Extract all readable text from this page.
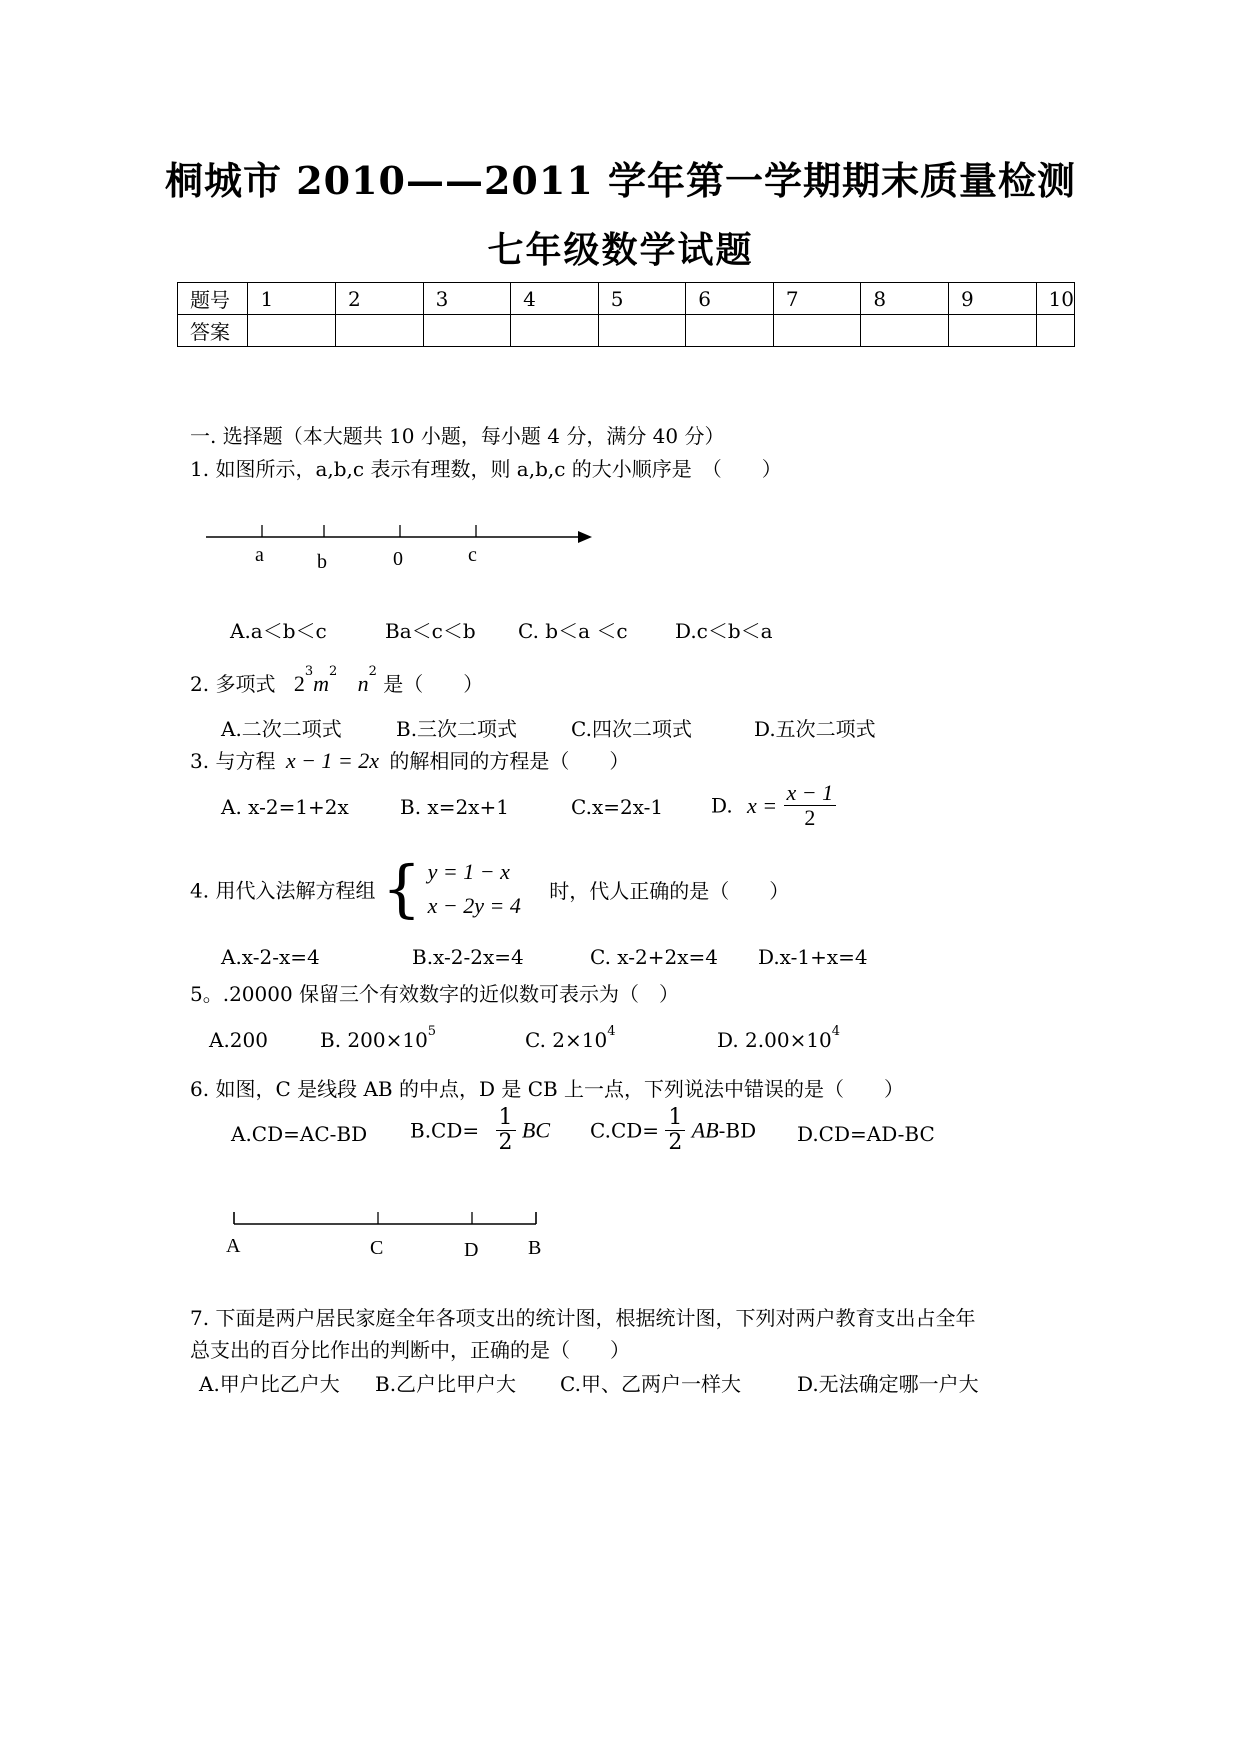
桐城市 2010——2011 学年第一学期期末质量检测
七年级数学试题
题号	1	2	3	4	5	6	7	8	9	10
答案										
一. 选择题（本大题共 10 小题，每小题 4 分，满分 40 分）
1. 如图所示，a,b,c 表示有理数，则 a,b,c 的大小顺序是　（　　）
a	b	0	c
A.a＜b＜c	Ba＜c＜b C. b＜a ＜c D.c＜b＜a
2. 多项式 $2^3m^2$ $n^2$ 是（　　）
A.二次二项式	B.三次二项式	C.四次二项式	D.五次二项式
3. 与方程 x − 1 = 2x 的解相同的方程是（　　）
A. x-2=1+2x	B. x=2x+1	C.x=2x-1 D. $x = \frac{x - 1}{2}$
4. 用代入法解方程组 { y = 1 − x
x − 2y = 4
时，代人正确的是（　　）
A.x-2-x=4	B.x-2-2x=4	C. x-2+2x=4 D.x-1+x=4
5。.20000 保留三个有效数字的近似数可表示为（　）
A.200	B. $200\times 10^5$	C. $2\times 10^4$	D. $2.00\times 10^4$
6. 如图，C 是线段 AB 的中点，D 是 CB 上一点，下列说法中错误的是（　　）
A.CD=AC-BD $B.CD= \frac{1}{2}$ BC $C.CD= \frac{1}{2} AB-BD$ D.CD=AD-BC
A	C	D B
7. 下面是两户居民家庭全年各项支出的统计图，根据统计图，下列对两户教育支出占全年
总支出的百分比作出的判断中，正确的是（　　）
A.甲户比乙户大 B.乙户比甲户大 C.甲、乙两户一样大	D.无法确定哪一户大
